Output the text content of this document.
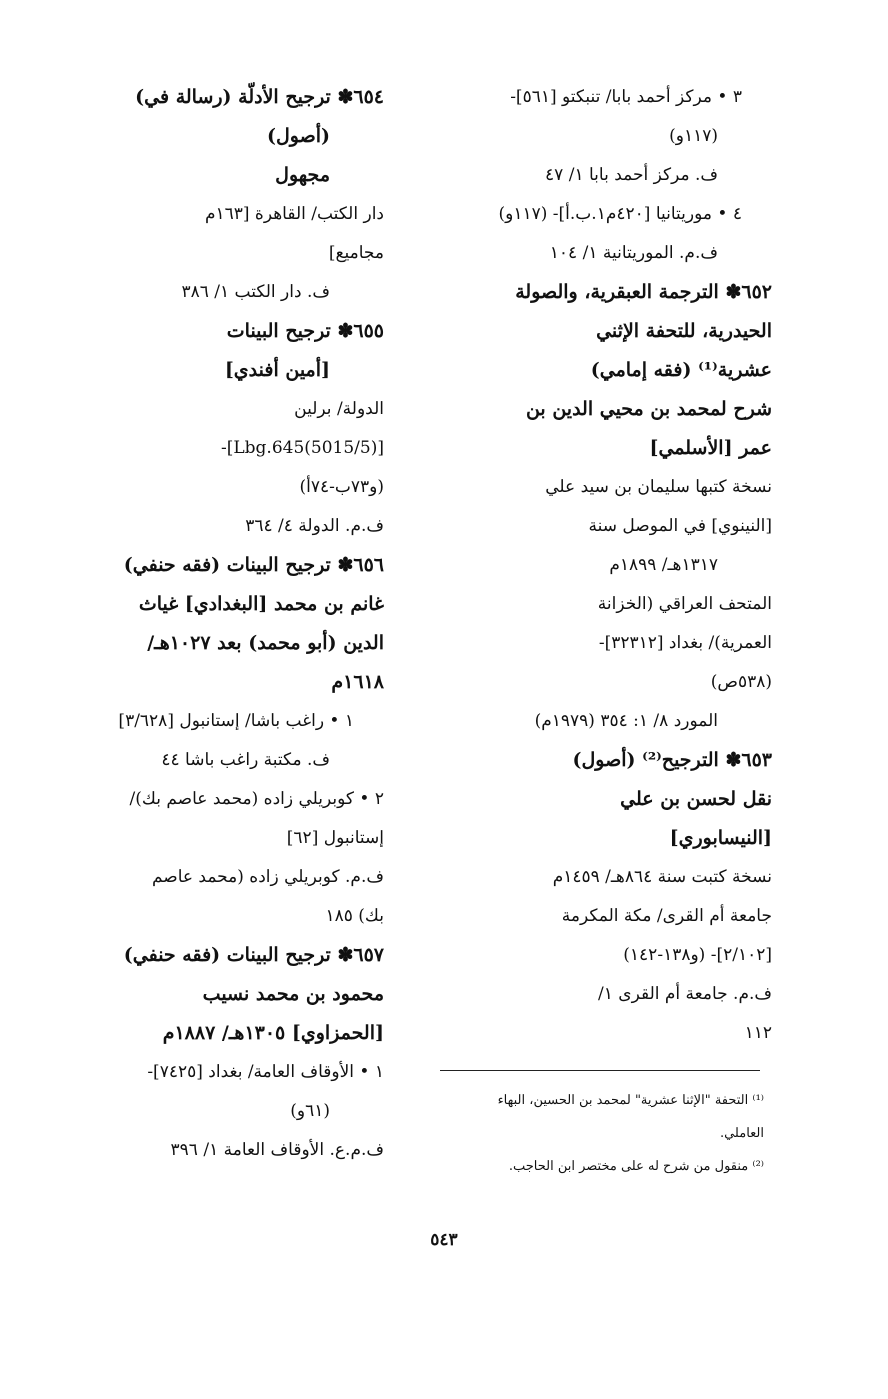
٣ • مركز أحمد بابا/ تنبكتو [٥٦١]-
(١١٧و)
ف. مركز أحمد بابا ١/ ٤٧
٤ • موريتانيا [٤٢٠م١.ب.أ]- (١١٧و)
ف.م. الموريتانية ١/ ١٠٤
٦٥٢✽ الترجمة العبقرية، والصولة
الحيدرية، للتحفة الإثني
عشرية⁽¹⁾ (فقه إمامي)
شرح لمحمد بن محيي الدين بن
عمر [الأسلمي]
نسخة كتبها سليمان بن سيد علي
[النينوي] في الموصل سنة
١٣١٧هـ/ ١٨٩٩م
المتحف العراقي (الخزانة
العمرية)/ بغداد [٣٢٣١٢]-
(٥٣٨ص)
المورد ٨/ ١: ٣٥٤ (١٩٧٩م)
٦٥٣✽ الترجيح⁽²⁾ (أصول)
نقل لحسن بن علي
[النيسابوري]
نسخة كتبت سنة ٨٦٤هـ/ ١٤٥٩م
جامعة أم القرى/ مكة المكرمة
[٢/١٠٢]- (و١٣٨-١٤٢)
ف.م. جامعة أم القرى ١/
١١٢
٦٥٤✽ ترجيح الأدلّة (رسالة في)
(أصول)
مجهول
دار الكتب/ القاهرة [١٦٣م
مجاميع]
ف. دار الكتب ١/ ٣٨٦
٦٥٥✽ ترجيح البينات
[أمين أفندي]
الدولة/ برلين
[(5015/5)Lbg.645]-
(و٧٣ب-٧٤أ)
ف.م. الدولة ٤/ ٣٦٤
٦٥٦✽ ترجيح البينات (فقه حنفي)
غانم بن محمد [البغدادي] غياث
الدين (أبو محمد) بعد ١٠٢٧هـ/
١٦١٨م
١ • راغب باشا/ إستانبول [٣/٦٢٨]
ف. مكتبة راغب باشا ٤٤
٢ • كوبريلي زاده (محمد عاصم بك)/
إستانبول [٦٢]
ف.م. كوبريلي زاده (محمد عاصم
بك) ١٨٥
٦٥٧✽ ترجيح البينات (فقه حنفي)
محمود بن محمد نسيب
[الحمزاوي] ١٣٠٥هـ/ ١٨٨٧م
١ • الأوقاف العامة/ بغداد [٧٤٢٥]-
(٦١و)
ف.م.ع. الأوقاف العامة ١/ ٣٩٦
⁽¹⁾ التحفة "الإثنا عشرية" لمحمد بن الحسين، البهاء
العاملي.
⁽²⁾ منقول من شرح له على مختصر ابن الحاجب.
٥٤٣
